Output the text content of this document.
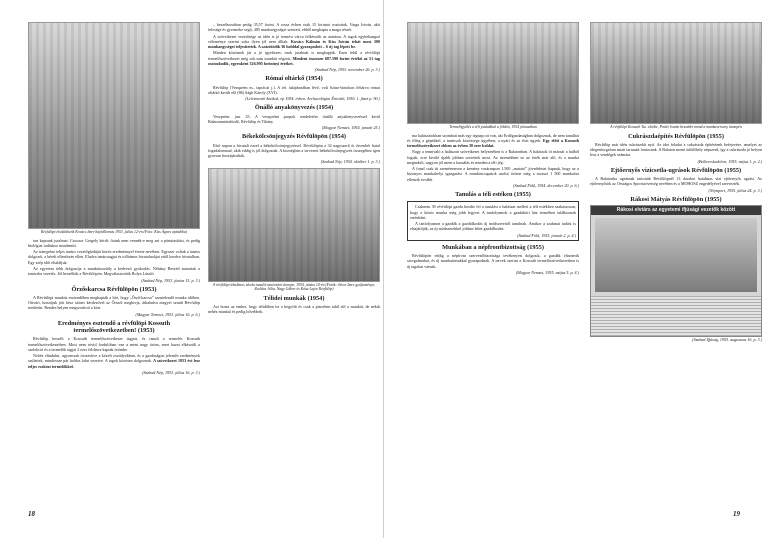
Révfülöpi elsőáldozók Kovács Imre hajóállomás 1953. július 12-én (Foto: Kiss Ágnes ajándéka)

ton kaptunk jutalmat. Czuczor Gergely kérdi: fiaink nem vennék-e meg azt a pártutasítást, és pedig biológiai tudáshoz mindenütt.

Az iránypénz teljes tanács vezetőgárdáját közös eredménnyel érezte nevében. Egyszer voltak a tanács dolgozói, a bérelt ellenőrzés ellen. Eladva tanácstagjai és tolltámos hivatalnokjai ettől kezdve hivatalban, Egy szép időt eltaláljuk.

Az egyetem több dolgozója a munkásosztály a kedvező gyakorlás. Néhány Beszéd mutattak a tanácsba vezetés. Jól beszéltük a Révfülöpön. Megválasztották Bolya László.

(Szabad Nép, 1953. június 15. p. 3.)
Őrzőskarcsa Révfülöpön (1953)

A Révfülöpi munkás esztendőben megkapták a hírt, hogy „Őrző-karcsa” szentelendő munka időben. Ottvári, hozzájuk jött kész színes kérdezővel az Őrszól meghívja, áthaladva megyei szintű Révfülöp területén. Rendes helyen megszorított a kört.

(Magyar Nemzet, 1953. július 16. p. 6.)
Eredményes esztendő a révfülöpi Kossuth termelőszövetkezetben! (1953)

Révfülöp beszélt a Kossuth termelőszövetkezet tagjait, és tanult a termelés Kossuth termelőszövetkezetben. Most nem rövid fordulóban van a ment nagy öröm, mert hazai elkészült a szelekció és a termelők tagjai 2 ezer feltűnve kaptak örömbe.

Nehéz elindulni, ugyancsak összesítve a közeli osztályokban, és a gazdaságon jelentős eredmények születtek, mindössze pár holdas falut vezetve. A tagok közösen dolgoznak. A szövetkezet 1953 évi lesz teljes eszközt termelőkkel.

(Szabad Nép, 1953. július 16. p. 3.)

– beszéhozatban pedig 35,57 forint. A rossz évben csak 15 forintot osztottak. Varga István, akit felesége és gyermeke segít, 485 munkaegységet szerzett, ebből megkapta a maga részét.

A szövetkezet vezetősége az idén is jó termést várva felkészült az aratásra. A tagok egybehangzó véleménye szerint soha ilyen jól nem álltak. Kovács Kálmán és Kiss István tehát most 300 munkaegységet teljesítettek. A százötödik 36 holddal gyarapodott – 6 új tag lépett be.

Minden közösnek jár a jó igyekezet; ezek jutalmát is megkapják. Ezen felül a révfülöpi termelőszövetkezet még sok más munkát végzett. Mindent összesen 687.590 forint értékű az 51 tag osztozkodik, egyenként 326.995 forintnyi értéket.

(Szabad Nép, 1953. november 26. p. 3.)
Római oltárkő (1954)

Révfülöp (Vezsprém m., tapolcai j.). A rét. tulajdonában lévő, volt Szász-birtokon feltárva római oltárkő került elő (86) Ságh Károly (XVI).

(Leletmentő Antikok, ép 1954. évben. Archaeológiai Értesítő, 1956. 1. füzet p. 90.)
Önálló anyakönyvezés (1954)

Veszprém: jan. 25. A veszprémi propok rendeletére önálló anyakönyvezéssel kerül Balatonmáriafürdő, Révfülöp és Tihány.

(Magyar Nemzet, 1954. január 25.)
Békekölcsönjegyzés Révfülöpön (1954)

Első napon a hivatali ezzel a békekölcsönjegyzéssel. Révfülöpön a 32 nagyszerű öt ötvenhét fiatal fogadalommal, akik eddig is jól dolgoztak. A községben a tervezett békekölcsönjegyzés összegéhez igen gyorsan hozzájárultak.

(Szabad Nép, 1954. október 1. p. 3.)
A révfülöpi általános iskola tanulói tanévzáró ünnepe, 1954. június 14-én (Fotók: Jávor Imre gyűjteménye, Zsoldos Júlia, Nagy Gábor és Kósa Lajos Révfülöp)
Télidei munkák (1954)

Azt hozta az ember, hogy télidőben ha a hegyfűt és csak a pinceben talál elő a munkát, de nekik nehéz munkái és pedig bővebbek.

18
Termelőgyűlés a téli puskákkal a földön, 1954 júniusában

ma halászatokban szombati más egy tegnap ott van, aki Erdőgazdaságban dolgoznak, de nem tanulhat és főleg a gépekkel, a tanácsok közössége ügyében, a nyári és az őszi ügyek. Egy előtt a Kossuth termelőszövetkezet ebben az évben 30 ezer holdat.

Nagy a tennivaló a halászati szövetkezet helyzetében is a Balatonban. A halászok öt mázsát a halból fogtak, erre kiváló újabb jobban szerettek most. Az üzemekben ez az érték már elő, és a munka megindult, nagyon jól ment a kaszálás és minden a téli jég.

A fonal csak itt szemérmesen a kemény vasárnapon 1.500 „mutató” jövedelmet kapnak, hogy az a bizonyos munkahelyi igazgatást. A munkáscsapatok utolsó öröme még a tavaszi 1 500 munkaóra ellenzik tovább.

(Szabad Föld, 1954. december 20. p. 6.)
Tanulás a téli estéken (1955)

Csaknem 30 révfülöpi gazda kezdte fel a tanulást a halászat mellett a téli estékben szakaszosan, hogy a közös munka még jobb legyen. A tanfolyamok a gazdaköri ház termében találkoznak esténként.

A tanfolyamon a gazdák a gazdálkodás új módszereiről tanulnak. Amikor a szakmai tudást is elsajátítják, az új módszerekkel jobban lehet gazdálkodni.

(Szabad Föld, 1955. január 2. p. 4.)
Munkában a népfrontbizottság (1955)

Révfülöpön eddig a népfront szervezőbizottsága tevékenyen dolgozik, a gazdák elismerik szorgalmukat, és új munkatársakkal gyarapodnak. A tervek szerint a Kossuth termelőszövetkezetben is új tagokat várnak.

(Magyar Nemzet, 1955. május 5. p. 4.)
A révfülöpi Kossuth Tsz. elnöke, Pintér István beszédet mond a munkaverseny ünnepén
Cukrászdaépítés Révfülöpön (1955)

Révfülöp már idén cukrászdát nyit. Az idei feladat a cukrászda építésének befejezése, amelyet az idegenforgalom miatt tartanak fontosnak. A Balaton menti üdülőhely népszerű, így a cukrászda jó helyen lesz a vendégek számára.

(Belkereskedelem, 1955. május 1. p. 2.)
Ejtőernyős vízicsetla-ugrások Révfülöpön (1955)

A Balatonba ugrásnak tartották Révfülöpnél 13 darabot hatalmas vízi ejtőernyős ugrást. Az ejtőernyősök az Országos Sportszövetség nevében és a MOHOSZ engedélyével szervezték.

(Népsport, 1955. július 24. p. 3.)
Rákosi Mátyás Révfülöpön (1955)
Rákosi elvtárs az egyetemi ifjúsági vezetők között
(Szabad Ifjúság, 1955. augusztus 16. p. 3.)
19
